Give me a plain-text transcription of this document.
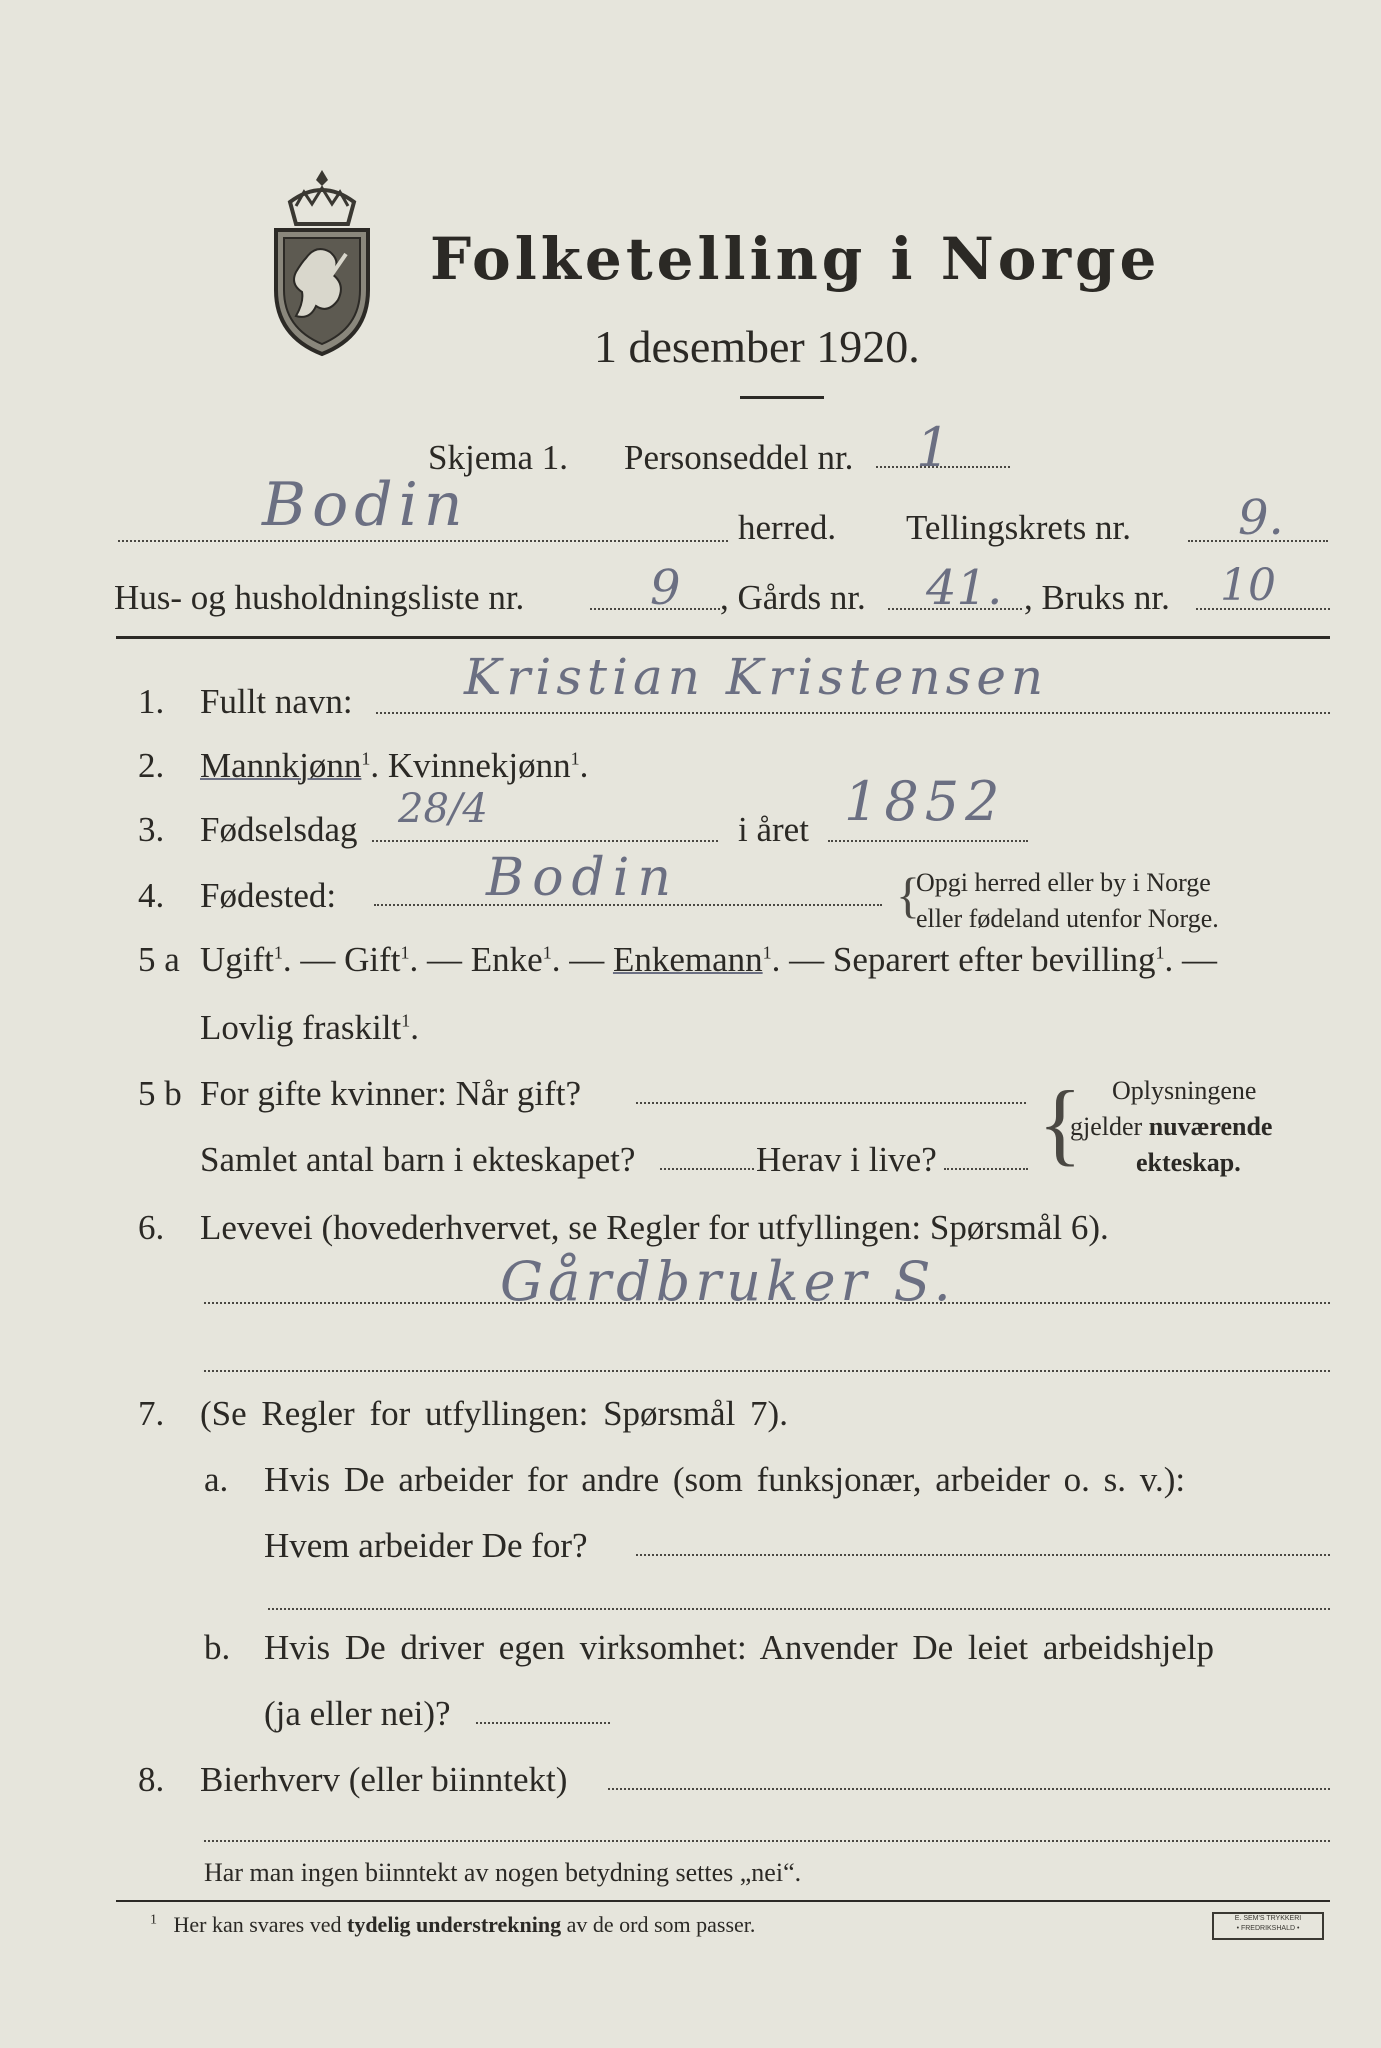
Folketelling i Norge
1 desember 1920.
Skjema 1. Personseddel nr. 1
Bodin	herred. Tellingskrets nr. 9.
Hus- og husholdningsliste nr.	9 , Gårds nr. 41. , Bruks nr. 10
1. Fullt navn: Kristian Kristensen
2. Mannkjønn$^1$. Kvinnekjønn$^1$.
3. Fødselsdag 28/4	i året 1852
4. Fødested:	Bodin	{
Opgi herred eller by i Norge
eller fødeland utenfor Norge.
5 a Ugift$^1$. — Gift$^1$. — Enke$^1$. — Enkemann$^1$. — Separert efter bevilling$^1$. —
Lovlig fraskilt$^1$.
5 b For gifte kvinner: Når gift?
Samlet antal barn i ekteskapet?	Herav i live? { Oplysningene
gjelder nuværende
ekteskap.
6. Levevei (hovederhvervet, se Regler for utfyllingen: Spørsmål 6).
Gårdbruker S.
7. (Se Regler for utfyllingen: Spørsmål 7).
a. Hvis De arbeider for andre (som funksjonær, arbeider o. s. v.):
Hvem arbeider De for?
b. Hvis De driver egen virksomhet: Anvender De leiet arbeidshjelp
(ja eller nei)?
8. Bierhverv (eller biinntekt)
Har man ingen biinntekt av nogen betydning settes „nei“.
$^1$ Her kan svares ved tydelig understrekning av de ord som passer.	E. SEM'S TRYKKERI
• FREDRIKSHALD •
